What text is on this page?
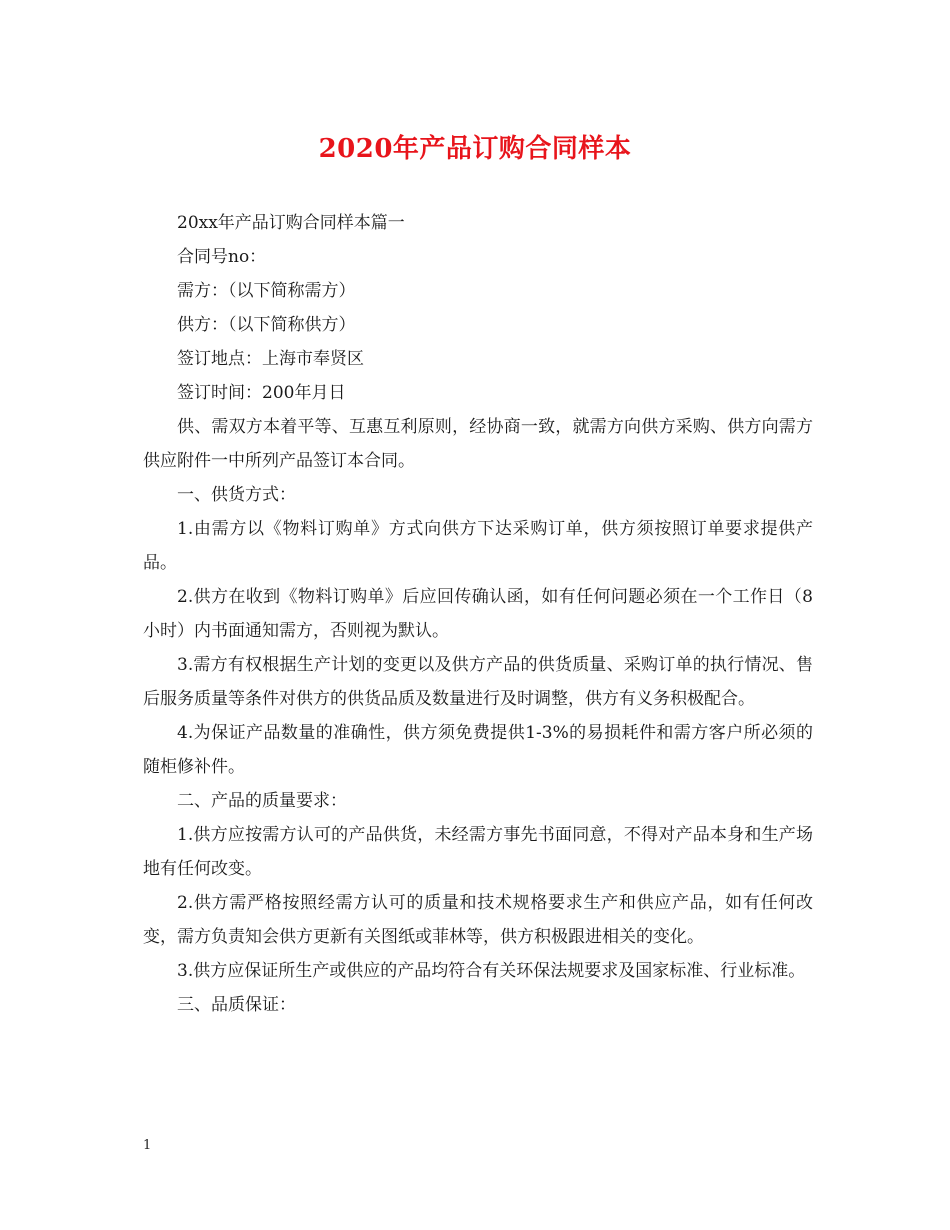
2020年产品订购合同样本

20xx年产品订购合同样本篇一

合同号no：

需方：（以下简称需方）

供方：（以下简称供方）

签订地点：上海市奉贤区

签订时间：200年月日

供、需双方本着平等、互惠互利原则，经协商一致，就需方向供方采购、供方向需方供应附件一中所列产品签订本合同。

一、供货方式：

1.由需方以《物料订购单》方式向供方下达采购订单，供方须按照订单要求提供产品。

2.供方在收到《物料订购单》后应回传确认函，如有任何问题必须在一个工作日（8小时）内书面通知需方，否则视为默认。

3.需方有权根据生产计划的变更以及供方产品的供货质量、采购订单的执行情况、售后服务质量等条件对供方的供货品质及数量进行及时调整，供方有义务积极配合。

4.为保证产品数量的准确性，供方须免费提供1-3%的易损耗件和需方客户所必须的随柜修补件。

二、产品的质量要求：

1.供方应按需方认可的产品供货，未经需方事先书面同意，不得对产品本身和生产场地有任何改变。

2.供方需严格按照经需方认可的质量和技术规格要求生产和供应产品，如有任何改变，需方负责知会供方更新有关图纸或菲林等，供方积极跟进相关的变化。

3.供方应保证所生产或供应的产品均符合有关环保法规要求及国家标准、行业标准。

三、品质保证：

1
